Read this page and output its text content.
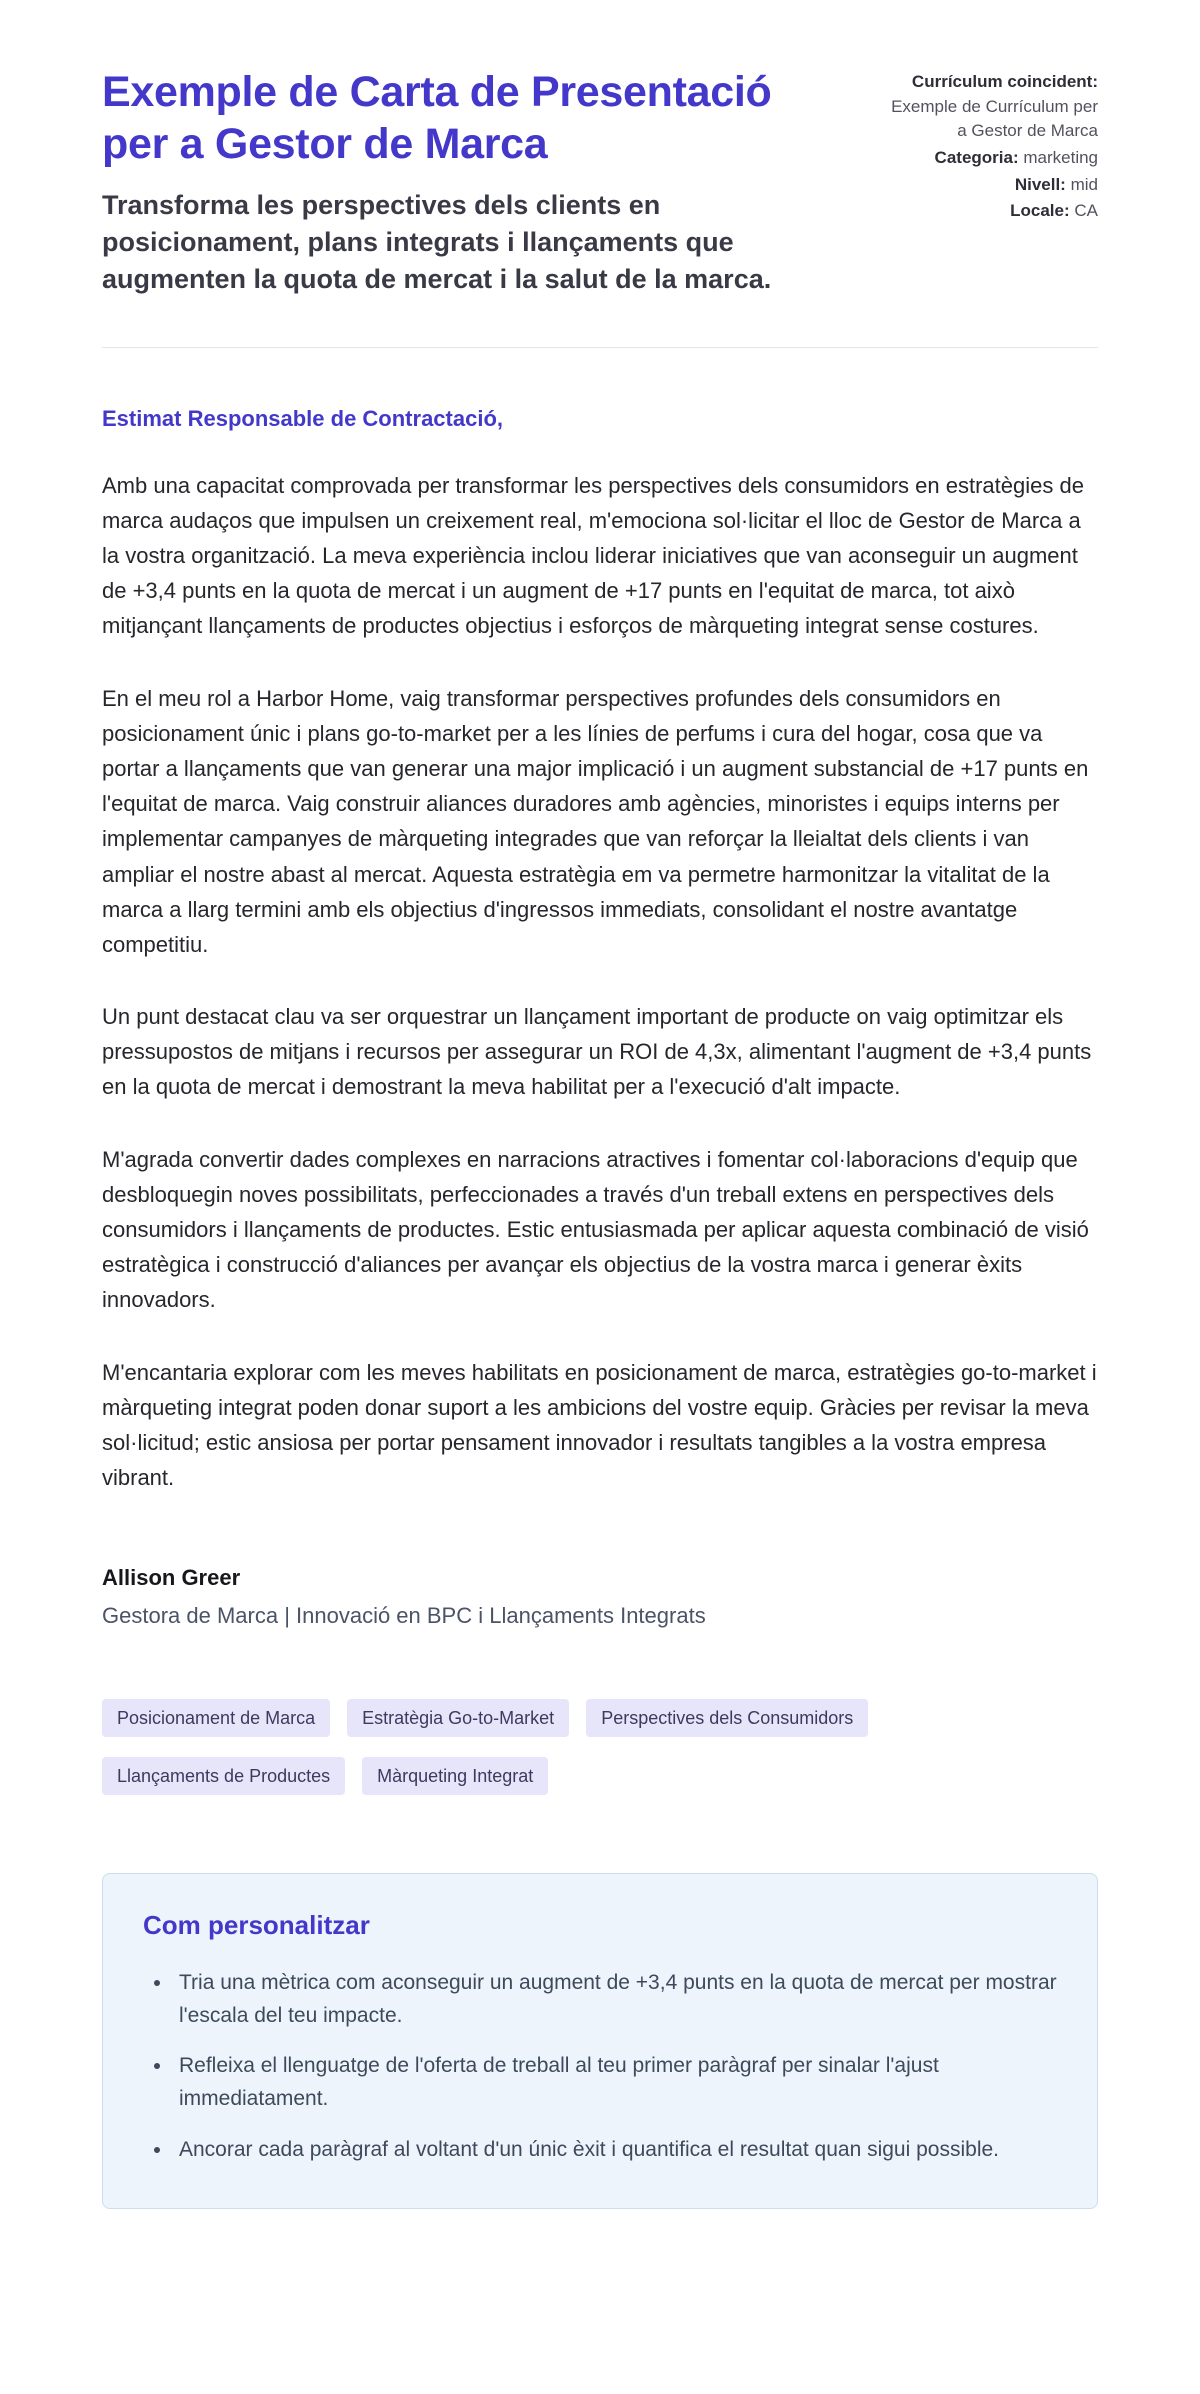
Exemple de Carta de Presentació per a Gestor de Marca

Transforma les perspectives dels clients en posicionament, plans integrats i llançaments que augmenten la quota de mercat i la salut de la marca.

Currículum coincident: Exemple de Currículum per a Gestor de Marca
Categoria: marketing
Nivell: mid
Locale: CA

Estimat Responsable de Contractació,

Amb una capacitat comprovada per transformar les perspectives dels consumidors en estratègies de marca audaços que impulsen un creixement real, m'emociona sol·licitar el lloc de Gestor de Marca a la vostra organització. La meva experiència inclou liderar iniciatives que van aconseguir un augment de +3,4 punts en la quota de mercat i un augment de +17 punts en l'equitat de marca, tot això mitjançant llançaments de productes objectius i esforços de màrqueting integrat sense costures.

En el meu rol a Harbor Home, vaig transformar perspectives profundes dels consumidors en posicionament únic i plans go-to-market per a les línies de perfums i cura del hogar, cosa que va portar a llançaments que van generar una major implicació i un augment substancial de +17 punts en l'equitat de marca. Vaig construir aliances duradores amb agències, minoristes i equips interns per implementar campanyes de màrqueting integrades que van reforçar la lleialtat dels clients i van ampliar el nostre abast al mercat. Aquesta estratègia em va permetre harmonitzar la vitalitat de la marca a llarg termini amb els objectius d'ingressos immediats, consolidant el nostre avantatge competitiu.

Un punt destacat clau va ser orquestrar un llançament important de producte on vaig optimitzar els pressupostos de mitjans i recursos per assegurar un ROI de 4,3x, alimentant l'augment de +3,4 punts en la quota de mercat i demostrant la meva habilitat per a l'execució d'alt impacte.

M'agrada convertir dades complexes en narracions atractives i fomentar col·laboracions d'equip que desbloquegin noves possibilitats, perfeccionades a través d'un treball extens en perspectives dels consumidors i llançaments de productes. Estic entusiasmada per aplicar aquesta combinació de visió estratègica i construcció d'aliances per avançar els objectius de la vostra marca i generar èxits innovadors.

M'encantaria explorar com les meves habilitats en posicionament de marca, estratègies go-to-market i màrqueting integrat poden donar suport a les ambicions del vostre equip. Gràcies per revisar la meva sol·licitud; estic ansiosa per portar pensament innovador i resultats tangibles a la vostra empresa vibrant.

Allison Greer

Gestora de Marca | Innovació en BPC i Llançaments Integrats

Posicionament de Marca	Estratègia Go-to-Market	Perspectives dels Consumidors
Llançaments de Productes	Màrqueting Integrat
Com personalitzar
• Tria una mètrica com aconseguir un augment de +3,4 punts en la quota de mercat per mostrar l'escala del teu impacte.
• Refleixa el llenguatge de l'oferta de treball al teu primer paràgraf per sinalar l'ajust immediatament.
• Ancorar cada paràgraf al voltant d'un únic èxit i quantifica el resultat quan sigui possible.
